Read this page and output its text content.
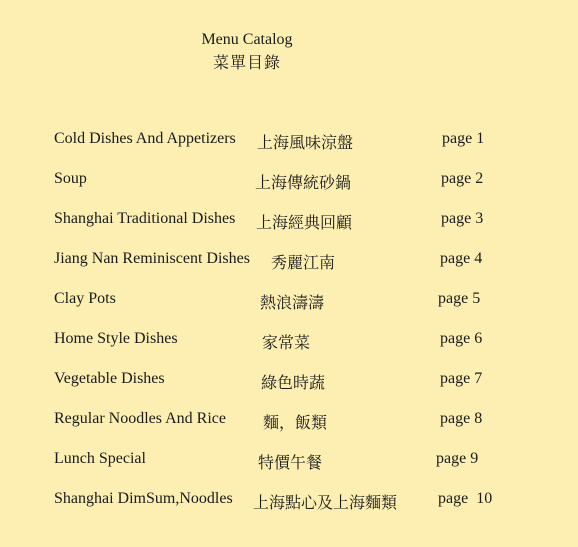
Menu Catalog
菜單目錄
Cold Dishes And Appetizers 上海風味涼盤	page 1
Soup	上海傳統砂鍋	page 2
Shanghai Traditional Dishes 上海經典回顧	page 3
Jiang Nan Reminiscent Dishes 秀麗江南	page 4
Clay Pots	熱浪濤濤	page 5
Home Style Dishes	家常菜	page 6
Vegetable Dishes	綠色時蔬	page 7
Regular Noodles And Rice 麵，飯類	page 8
Lunch Special	特價午餐	page 9
Shanghai DimSum,Noodles 上海點心及上海麵類	page  10
